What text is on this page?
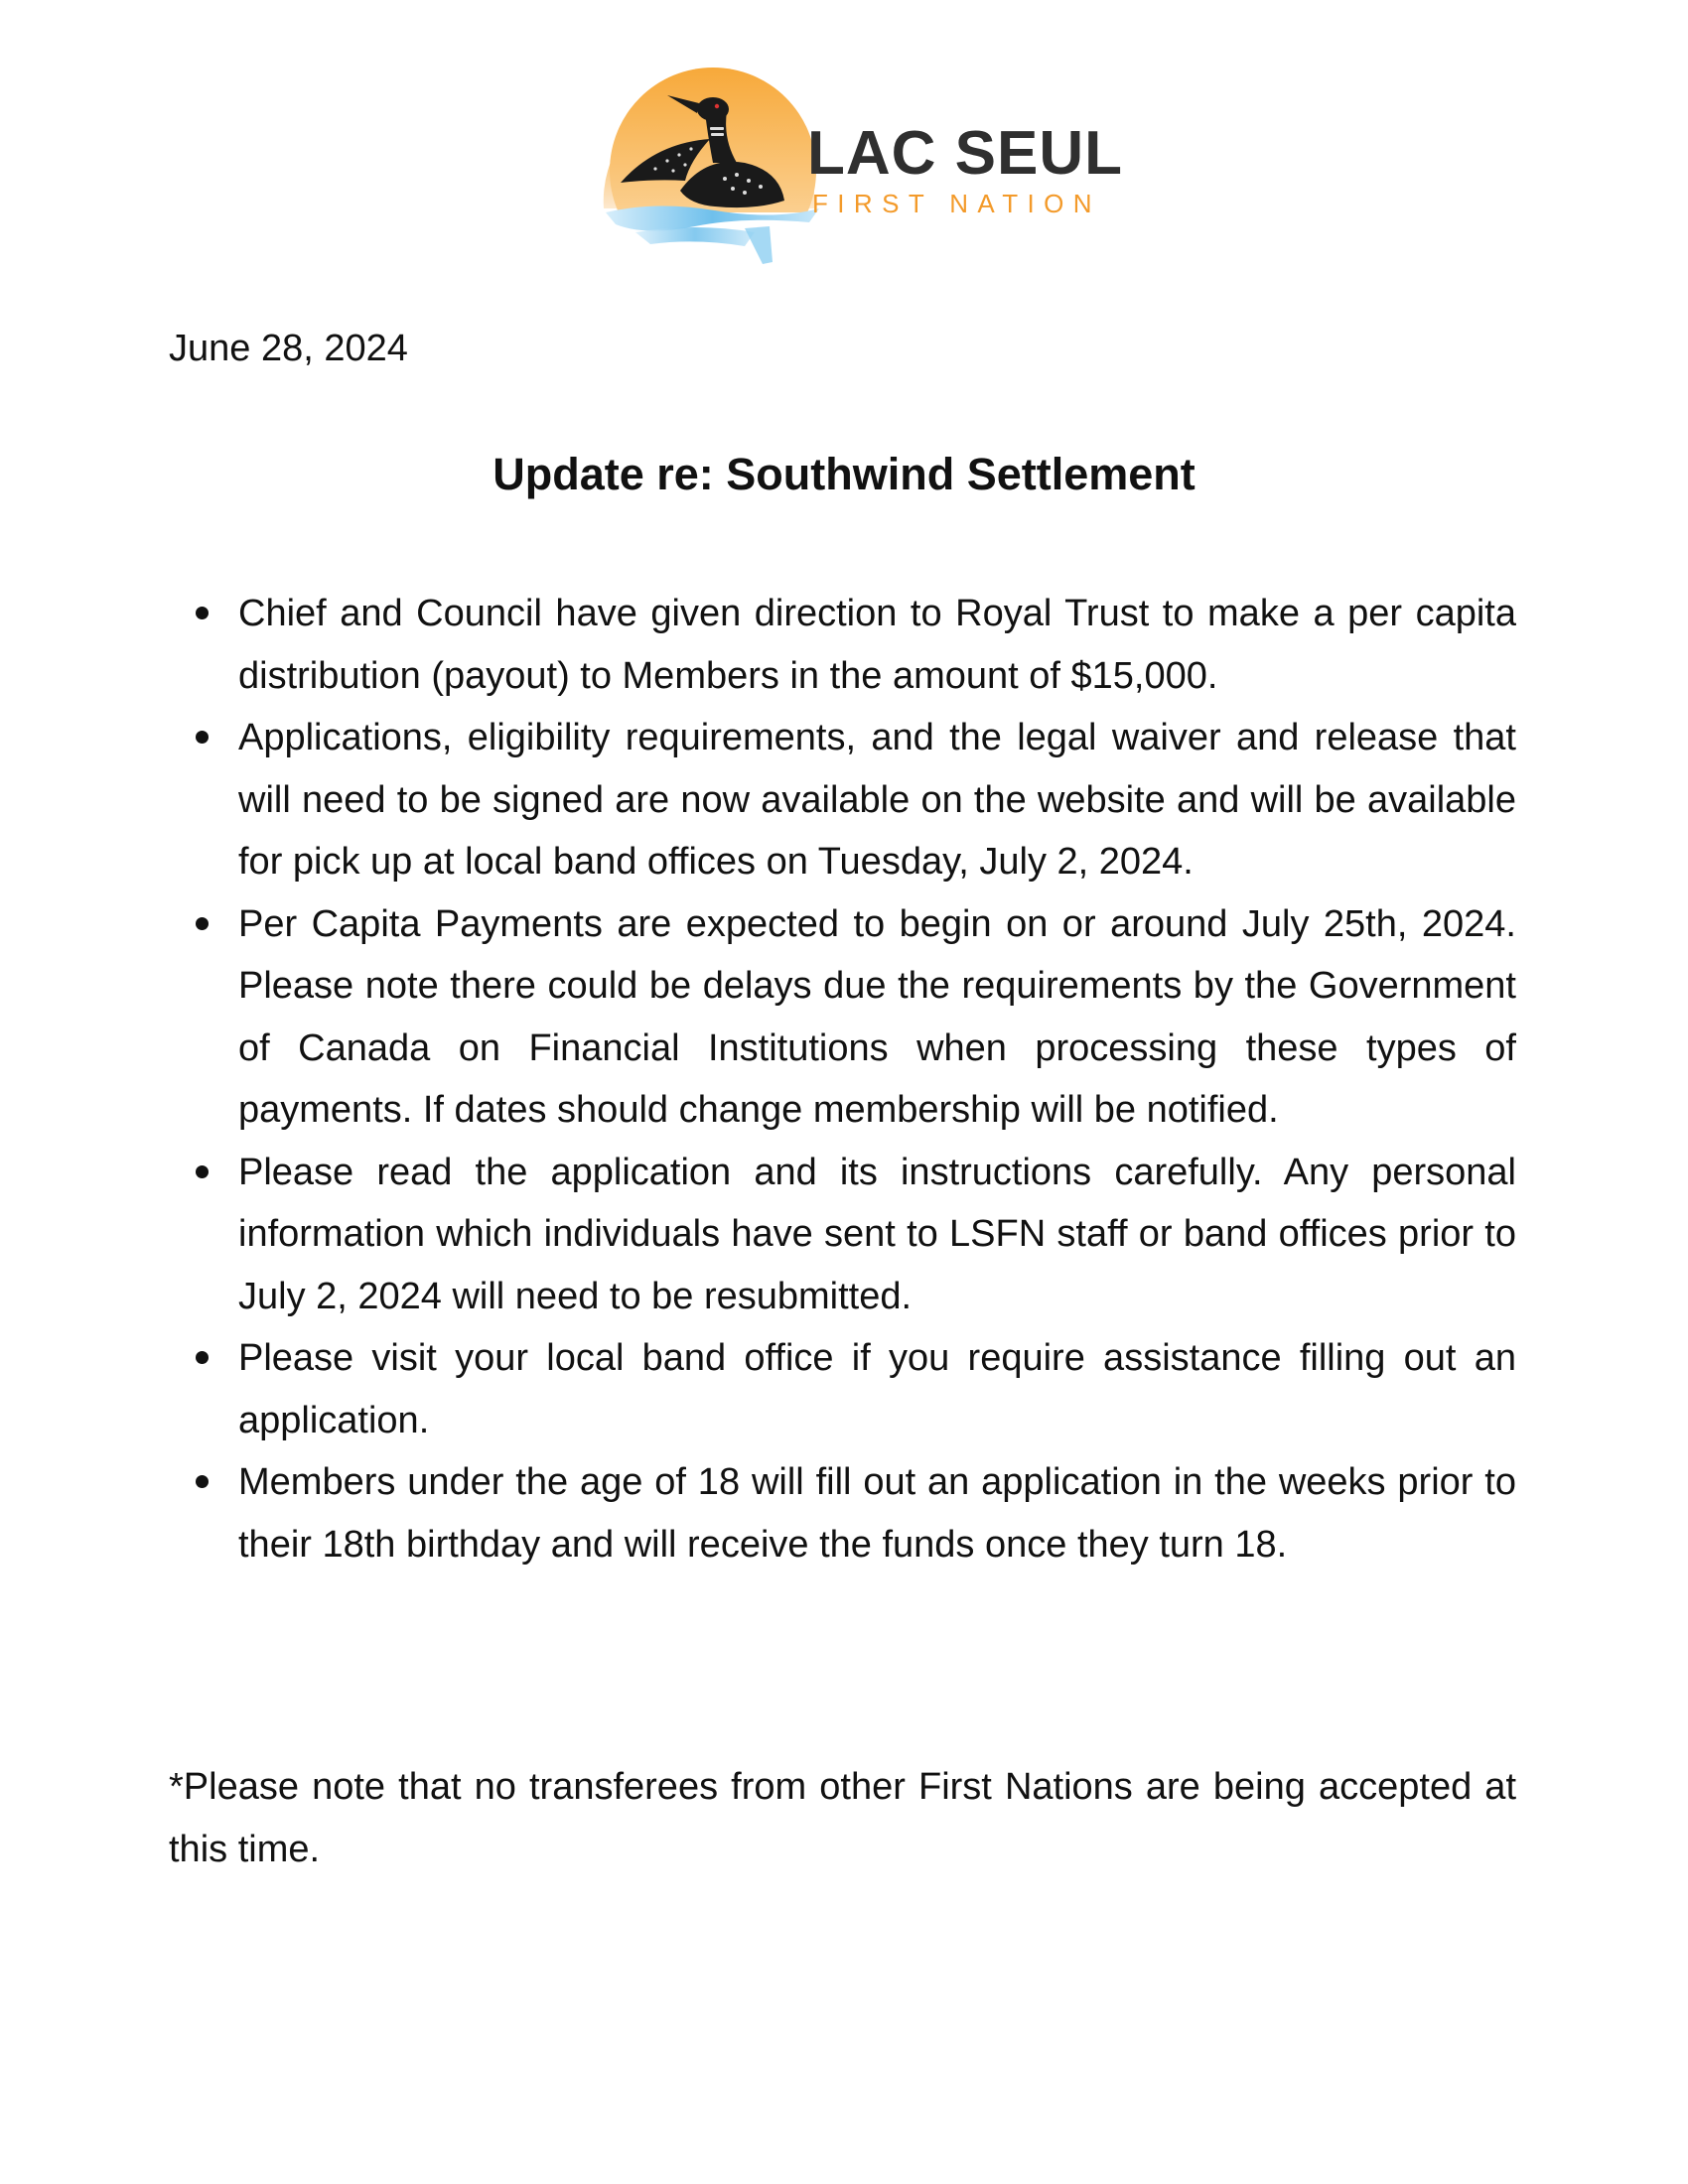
LAC SEUL
FIRST NATION
June 28, 2024
Update re: Southwind Settlement
Chief and Council have given direction to Royal Trust to make a per capita distribution (payout) to Members in the amount of $15,000.
Applications, eligibility requirements, and the legal waiver and release that will need to be signed are now available on the website and will be available for pick up at local band offices on Tuesday, July 2, 2024.
Per Capita Payments are expected to begin on or around July 25th, 2024. Please note there could be delays due the requirements by the Government of Canada on Financial Institutions when processing these types of payments. If dates should change membership will be notified.
Please read the application and its instructions carefully. Any personal information which individuals have sent to LSFN staff or band offices prior to July 2, 2024 will need to be resubmitted.
Please visit your local band office if you require assistance filling out an application.
Members under the age of 18 will fill out an application in the weeks prior to their 18th birthday and will receive the funds once they turn 18.
*Please note that no transferees from other First Nations are being accepted at this time.
